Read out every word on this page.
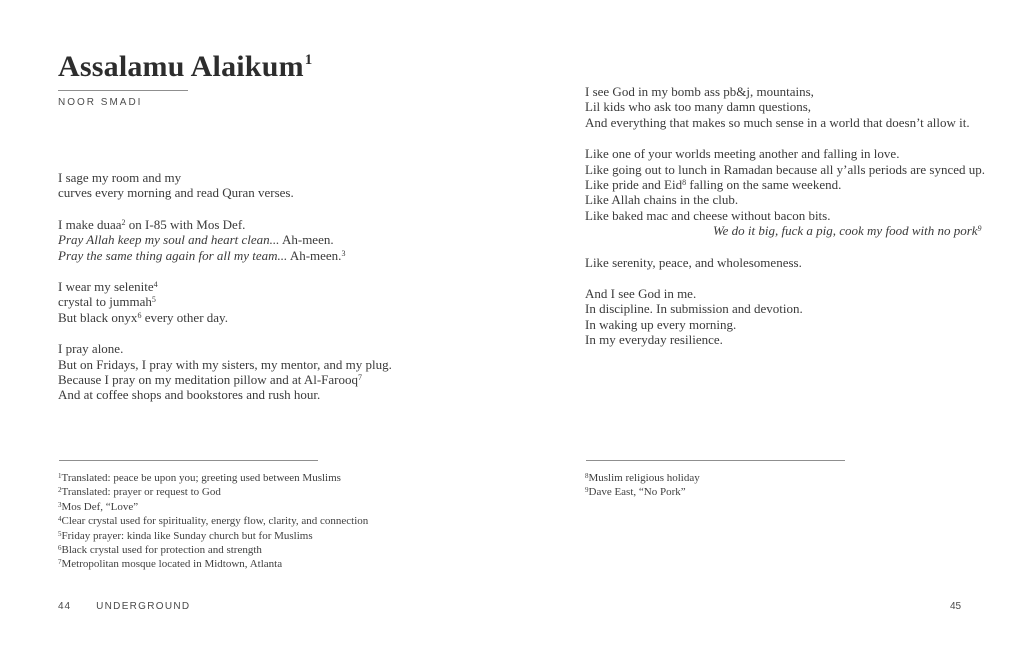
Assalamu Alaikum$^1$
NOOR SMADI
I sage my room and my
curves every morning and read Quran verses.
I make duaa$^2$ on I-85 with Mos Def.
Pray Allah keep my soul and heart clean... Ah-meen.
Pray the same thing again for all my team... Ah-meen.$^3$
I wear my selenite$^4$
crystal to jummah$^5$
But black onyx$^6$ every other day.
I pray alone.
But on Fridays, I pray with my sisters, my mentor, and my plug.
Because I pray on my meditation pillow and at Al-Farooq$^7$
And at coffee shops and bookstores and rush hour.
$^1$Translated: peace be upon you; greeting used between Muslims
$^2$Translated: prayer or request to God
$^3$Mos Def, “Love”
$^4$Clear crystal used for spirituality, energy flow, clarity, and connection
$^5$Friday prayer: kinda like Sunday church but for Muslims
$^6$Black crystal used for protection and strength
$^7$Metropolitan mosque located in Midtown, Atlanta
44	UNDERGROUND
I see God in my bomb ass pb&j, mountains,
Lil kids who ask too many damn questions,
And everything that makes so much sense in a world that doesn’t allow it.
Like one of your worlds meeting another and falling in love.
Like going out to lunch in Ramadan because all y’alls periods are synced up.
Like pride and Eid$^8$ falling on the same weekend.
Like Allah chains in the club.
Like baked mac and cheese without bacon bits.
We do it big, fuck a pig, cook my food with no pork$^9$
Like serenity, peace, and wholesomeness.
And I see God in me.
In discipline. In submission and devotion.
In waking up every morning.
In my everyday resilience.
$^8$Muslim religious holiday
$^9$Dave East, “No Pork”
45
